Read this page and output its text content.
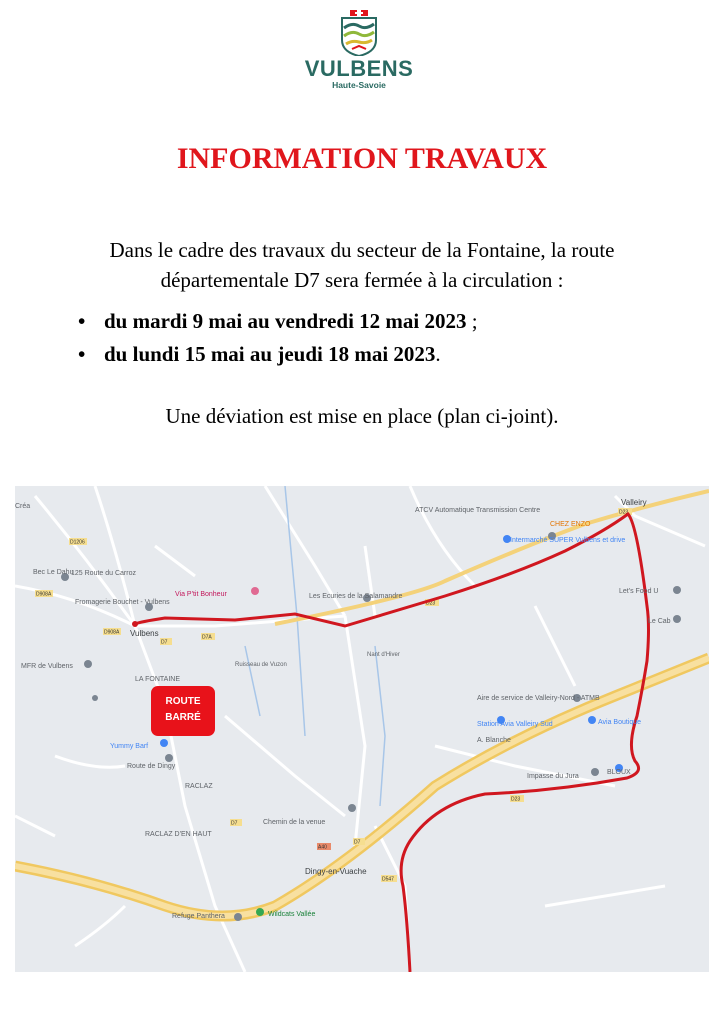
VULBENS
Haute-Savoie
INFORMATION TRAVAUX
Dans le cadre des travaux du secteur de la Fontaine, la route
départementale D7 sera fermée à la circulation :
• du mardi 9 mai au vendredi 12 mai 2023 ;
• du lundi 15 mai au jeudi 18 mai 2023.
Une déviation est mise en place (plan ci-joint).
D1206
D908A
D908A
D7
D7A
D23
D23
D7
D7
A40
D547
D23
Vulbens
LA FONTAINE
RACLAZ
RACLAZ D'EN HAUT
Valleiry
BLOUX
Dingy-en-Vuache
MFR de Vulbens
Route de Dingy
Yummy Barf
Via P'tit Bonheur	Les Ecuries de la Salamandre
ATCV Automatique Transmission Centre
Intermarché SUPER Vulbens et drive
CHEZ ENZO
Let's Food U
Le Cab
Aire de service de Valleiry-Nord - ATMB
Station Avia Valleiry Sud	Avia Boutique
Impasse du Jura
Chemin de la venue
Refuge Panthera	Wildcats Vallée
125 Route du Carroz
Fromagerie Bouchet - Vulbens
A. Blanche
Nant d'Hiver
Ruisseau de Vuzon
Bec Le Dahu
Créa
ROUTE
BARRÉ
